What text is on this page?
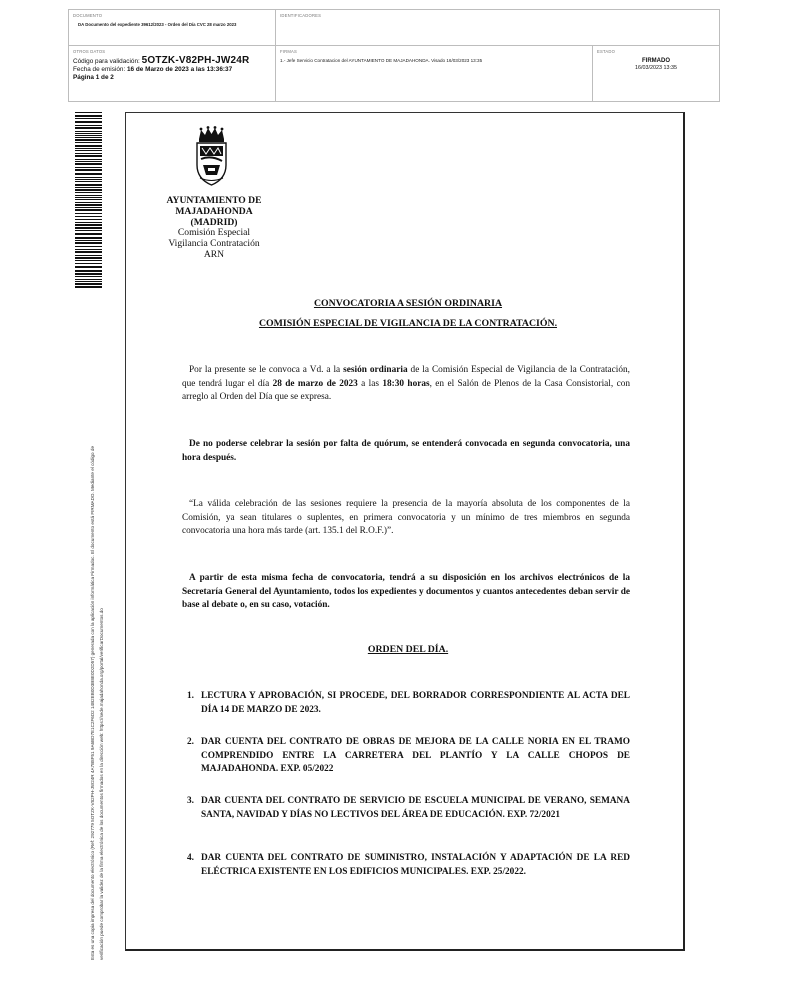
DOCUMENTO
DA Documento del expediente 39612/2023 - Orden del Día CVC 28 marzo 2023
IDENTIFICADORES
OTROS DATOS
Código para validación: 5OTZK-V82PH-JW24R
Fecha de emisión: 16 de Marzo de 2023 a las 13:36:37
Página 1 de 2
FIRMAS
1.- Jefe Servicio Contratacion del AYUNTAMIENTO DE MAJADAHONDA. Visado 16/03/2023 13:35
ESTADO
FIRMADO
16/03/2023 13:35
Esta es una copia impresa del documento electrónico (Ref: 292779 5OTZK-V82PH-JW24R 4A7B8F51 9A6BD7E1C2F6D2 14B2EB0D3B8E0D2D57) generada con la aplicación informática Firmadoc. El documento está FIRMADO. Mediante el código de verificación puede comprobar la validez de la firma electrónica de los documentos firmados en la dirección web: https://sede.majadahonda.org/portal/verificarDocumentos.do
AYUNTAMIENTO DE
MAJADAHONDA
(MADRID)
Comisión Especial
Vigilancia Contratación
ARN
CONVOCATORIA A SESIÓN ORDINARIA
COMISIÓN ESPECIAL DE VIGILANCIA DE LA CONTRATACIÓN.
Por la presente se le convoca a Vd. a la sesión ordinaria de la Comisión Especial de Vigilancia de la Contratación, que tendrá lugar el día 28 de marzo de 2023 a las 18:30 horas, en el Salón de Plenos de la Casa Consistorial, con arreglo al Orden del Día que se expresa.
De no poderse celebrar la sesión por falta de quórum, se entenderá convocada en segunda convocatoria, una hora después.
“La válida celebración de las sesiones requiere la presencia de la mayoría absoluta de los componentes de la Comisión, ya sean titulares o suplentes, en primera convocatoria y un mínimo de tres miembros en segunda convocatoria una hora más tarde (art. 135.1 del R.O.F.)”.
A partir de esta misma fecha de convocatoria, tendrá a su disposición en los archivos electrónicos de la Secretaría General del Ayuntamiento, todos los expedientes y documentos y cuantos antecedentes deban servir de base al debate o, en su caso, votación.
ORDEN DEL DÍA.
1. LECTURA Y APROBACIÓN, SI PROCEDE, DEL BORRADOR CORRESPONDIENTE AL ACTA DEL DÍA 14 DE MARZO DE 2023.
2. DAR CUENTA DEL CONTRATO DE OBRAS DE MEJORA DE LA CALLE NORIA EN EL TRAMO COMPRENDIDO ENTRE LA CARRETERA DEL PLANTÍO Y LA CALLE CHOPOS DE MAJADAHONDA. EXP. 05/2022
3. DAR CUENTA DEL CONTRATO DE SERVICIO DE ESCUELA MUNICIPAL DE VERANO, SEMANA SANTA, NAVIDAD Y DÍAS NO LECTIVOS DEL ÁREA DE EDUCACIÓN. EXP. 72/2021
4. DAR CUENTA DEL CONTRATO DE SUMINISTRO, INSTALACIÓN Y ADAPTACIÓN DE LA RED ELÉCTRICA EXISTENTE EN LOS EDIFICIOS MUNICIPALES. EXP. 25/2022.
